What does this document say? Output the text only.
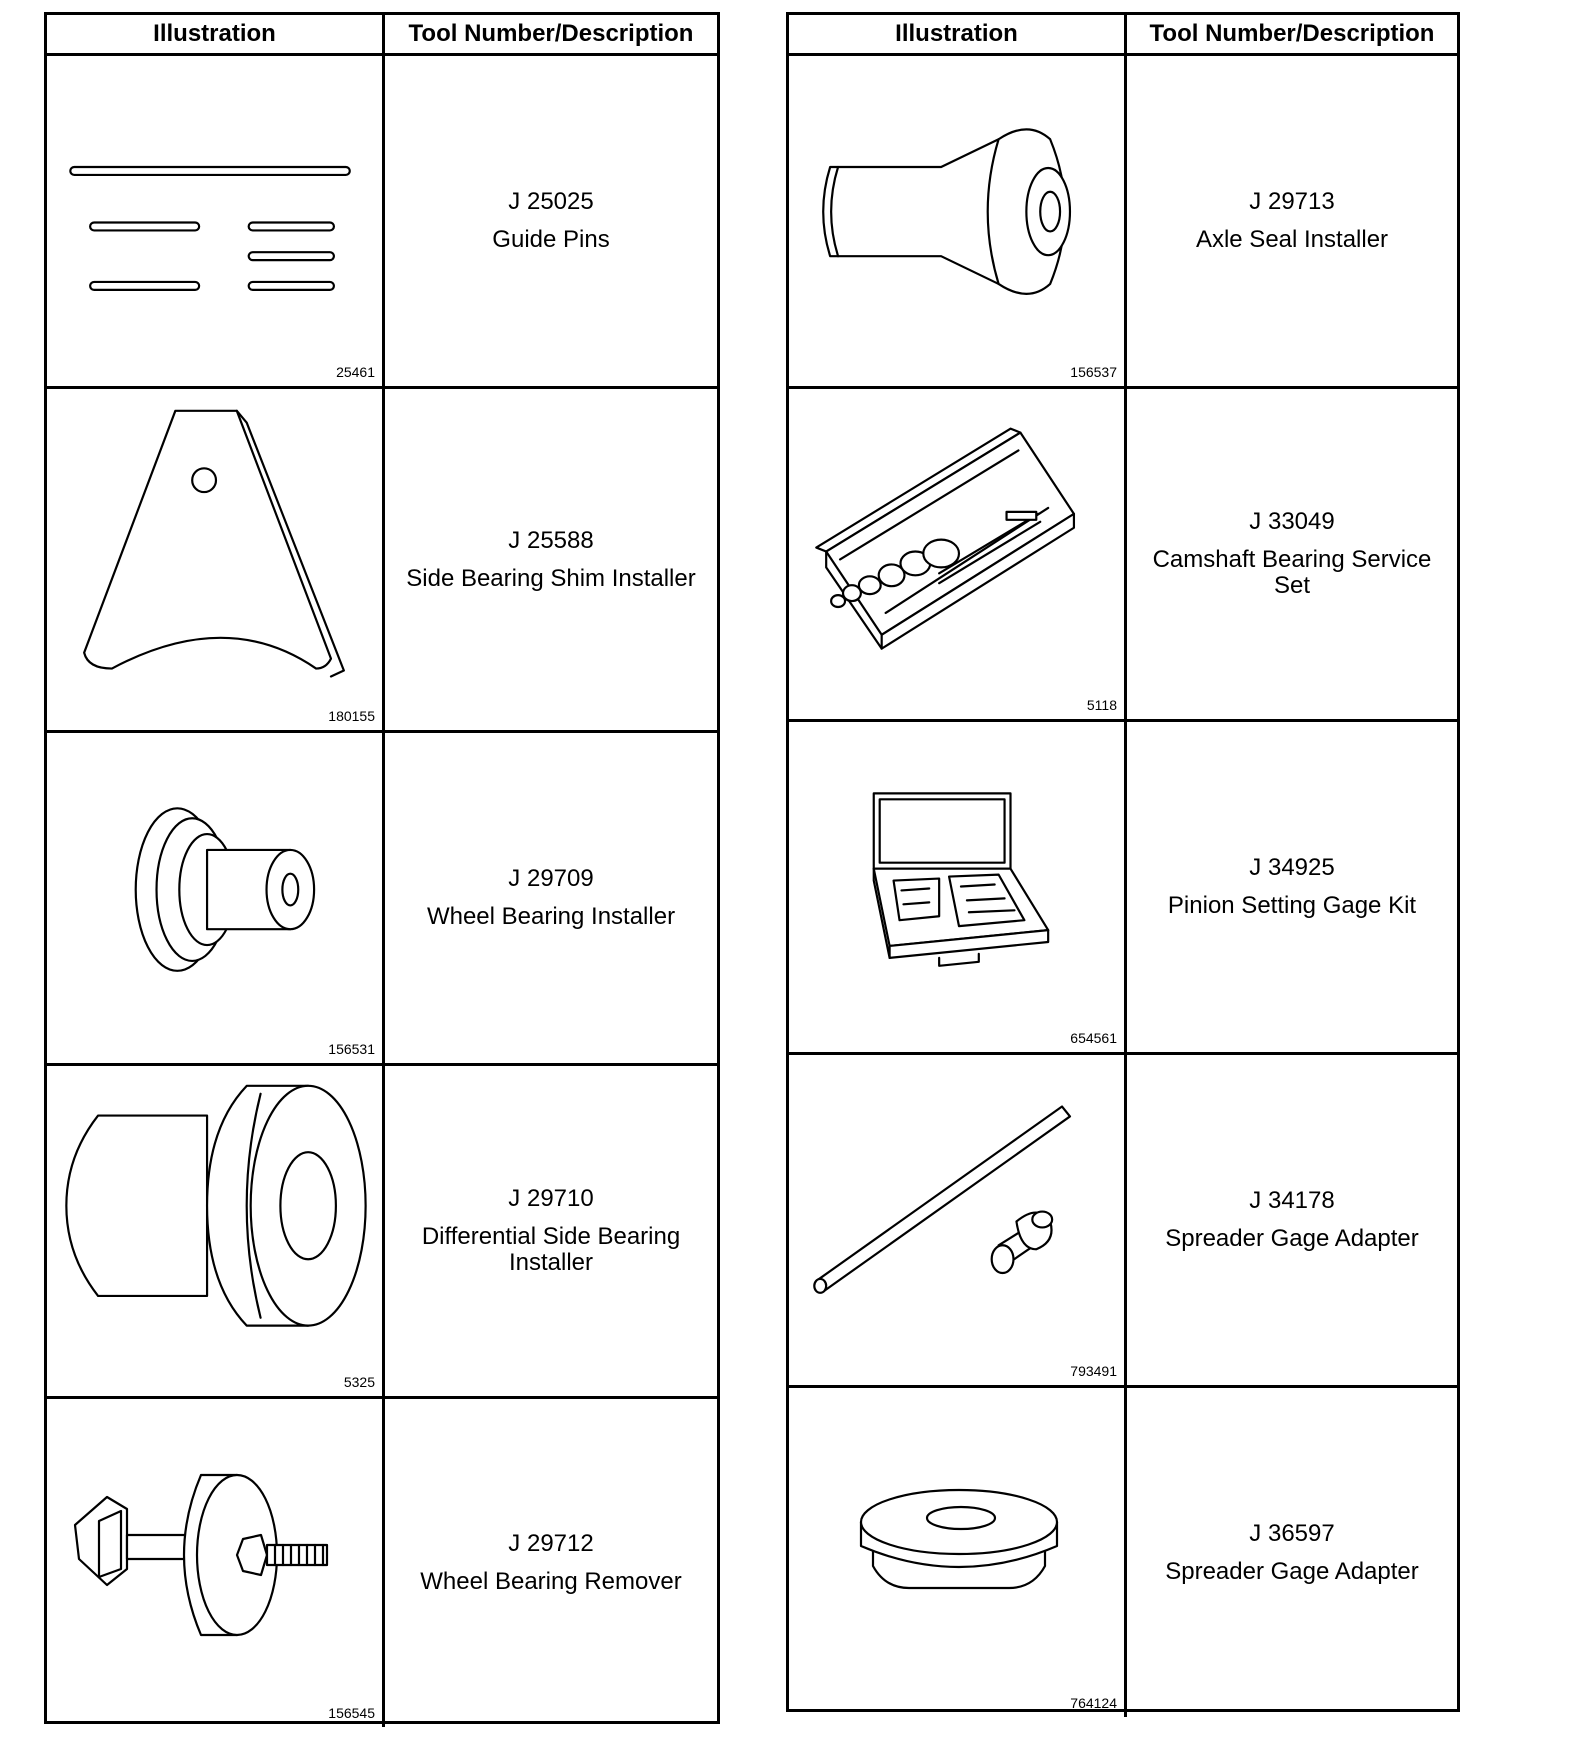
Illustration	Tool Number/Description
25461
J 25025
Guide Pins
180155
J 25588
Side Bearing Shim Installer
156531
J 29709
Wheel Bearing Installer
5325
J 29710
Differential Side Bearing Installer
156545
J 29712
Wheel Bearing Remover
Illustration	Tool Number/Description
156537
J 29713
Axle Seal Installer
5118
J 33049
Camshaft Bearing Service Set
654561
J 34925
Pinion Setting Gage Kit
793491
J 34178
Spreader Gage Adapter
764124
J 36597
Spreader Gage Adapter
